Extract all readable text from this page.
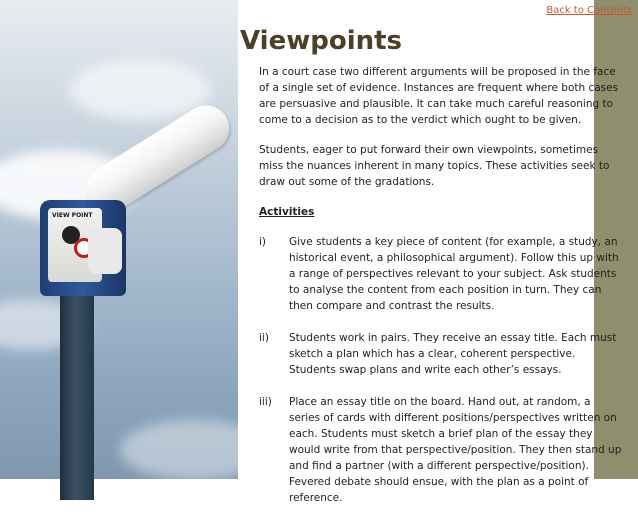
VIEW POINT
Back to Contents
Viewpoints

In a court case two different arguments will be proposed in the face of a single set of evidence. Instances are frequent where both cases are persuasive and plausible. It can take much careful reasoning to come to a decision as to the verdict which ought to be given.

Students, eager to put forward their own viewpoints, sometimes miss the nuances inherent in many topics. These activities seek to draw out some of the gradations.

Activities

i)	Give students a key piece of content (for example, a study, an historical event, a philosophical argument). Follow this up with a range of perspectives relevant to your subject. Ask students to analyse the content from each position in turn. They can then compare and contrast the results.
ii)	Students work in pairs. They receive an essay title. Each must sketch a plan which has a clear, coherent perspective. Students swap plans and write each other’s essays.
iii)	Place an essay title on the board. Hand out, at random, a series of cards with different positions/perspectives written on each. Students must sketch a brief plan of the essay they would write from that perspective/position. They then stand up and find a partner (with a different perspective/position). Fevered debate should ensue, with the plan as a point of reference.
